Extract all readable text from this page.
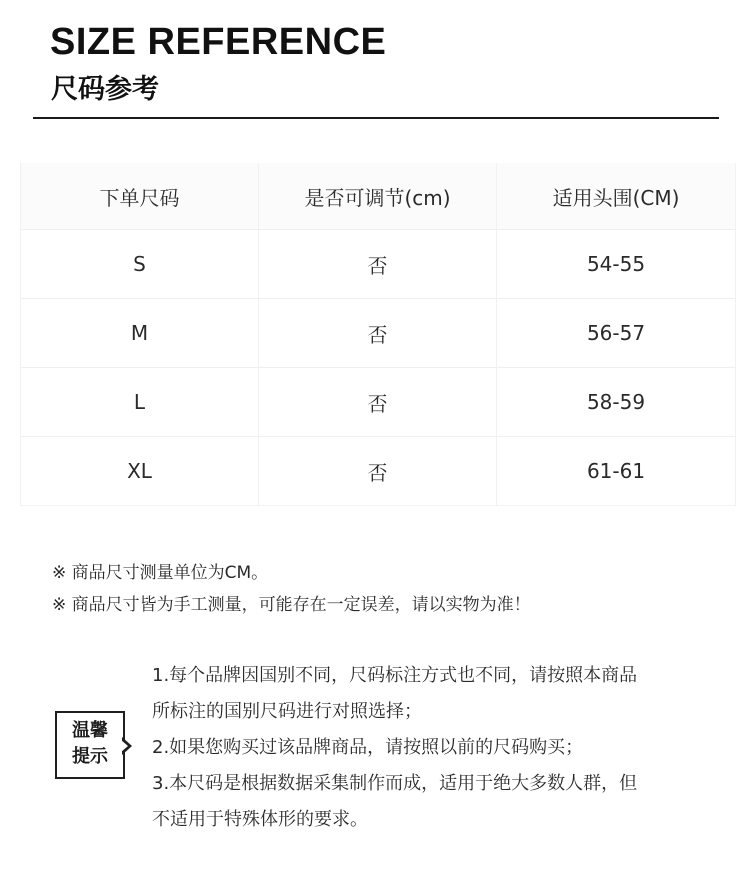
SIZE REFERENCE
尺码参考
下单尺码	是否可调节(cm)	适用头围(CM)
S	否	54-55
M	否	56-57
L	否	58-59
XL	否	61-61
※ 商品尺寸测量单位为CM。
※ 商品尺寸皆为手工测量，可能存在一定误差，请以实物为准！
温馨
提示
1.每个品牌因国别不同，尺码标注方式也不同，请按照本商品
所标注的国别尺码进行对照选择；
2.如果您购买过该品牌商品，请按照以前的尺码购买；
3.本尺码是根据数据采集制作而成，适用于绝大多数人群，但
不适用于特殊体形的要求。
